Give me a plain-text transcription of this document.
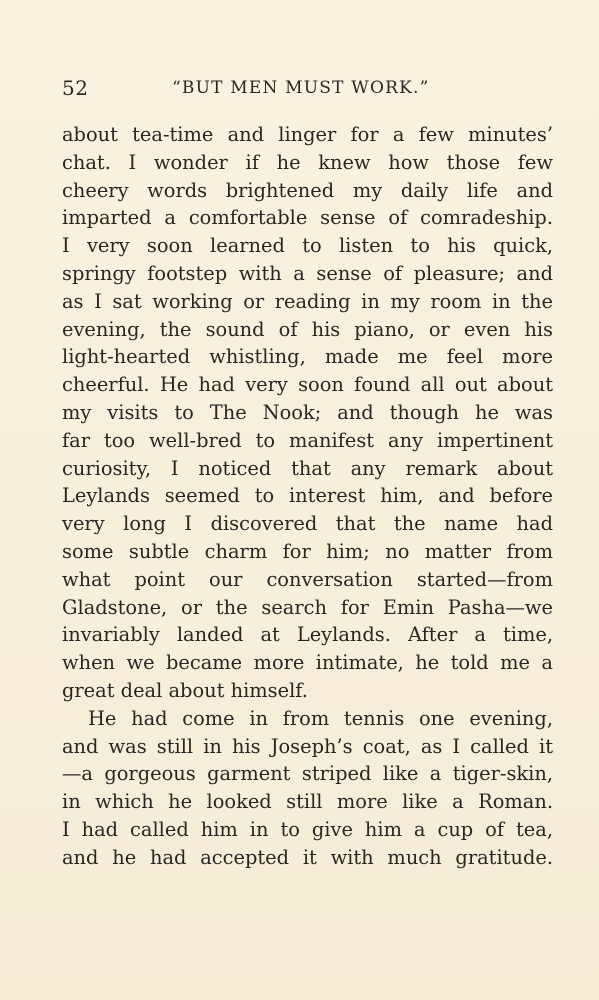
52	“BUT MEN MUST WORK.”
about tea-time and linger for a few minutes’
chat. I wonder if he knew how those few
cheery words brightened my daily life and
imparted a comfortable sense of comradeship.
I very soon learned to listen to his quick,
springy footstep with a sense of pleasure; and
as I sat working or reading in my room in the
evening, the sound of his piano, or even his
light-hearted whistling, made me feel more
cheerful. He had very soon found all out about
my visits to The Nook; and though he was
far too well-bred to manifest any impertinent
curiosity, I noticed that any remark about
Leylands seemed to interest him, and before
very long I discovered that the name had
some subtle charm for him; no matter from
what point our conversation started—from
Gladstone, or the search for Emin Pasha—we
invariably landed at Leylands. After a time,
when we became more intimate, he told me a
great deal about himself.
He had come in from tennis one evening,
and was still in his Joseph’s coat, as I called it
—a gorgeous garment striped like a tiger-skin,
in which he looked still more like a Roman.
I had called him in to give him a cup of tea,
and he had accepted it with much gratitude.
